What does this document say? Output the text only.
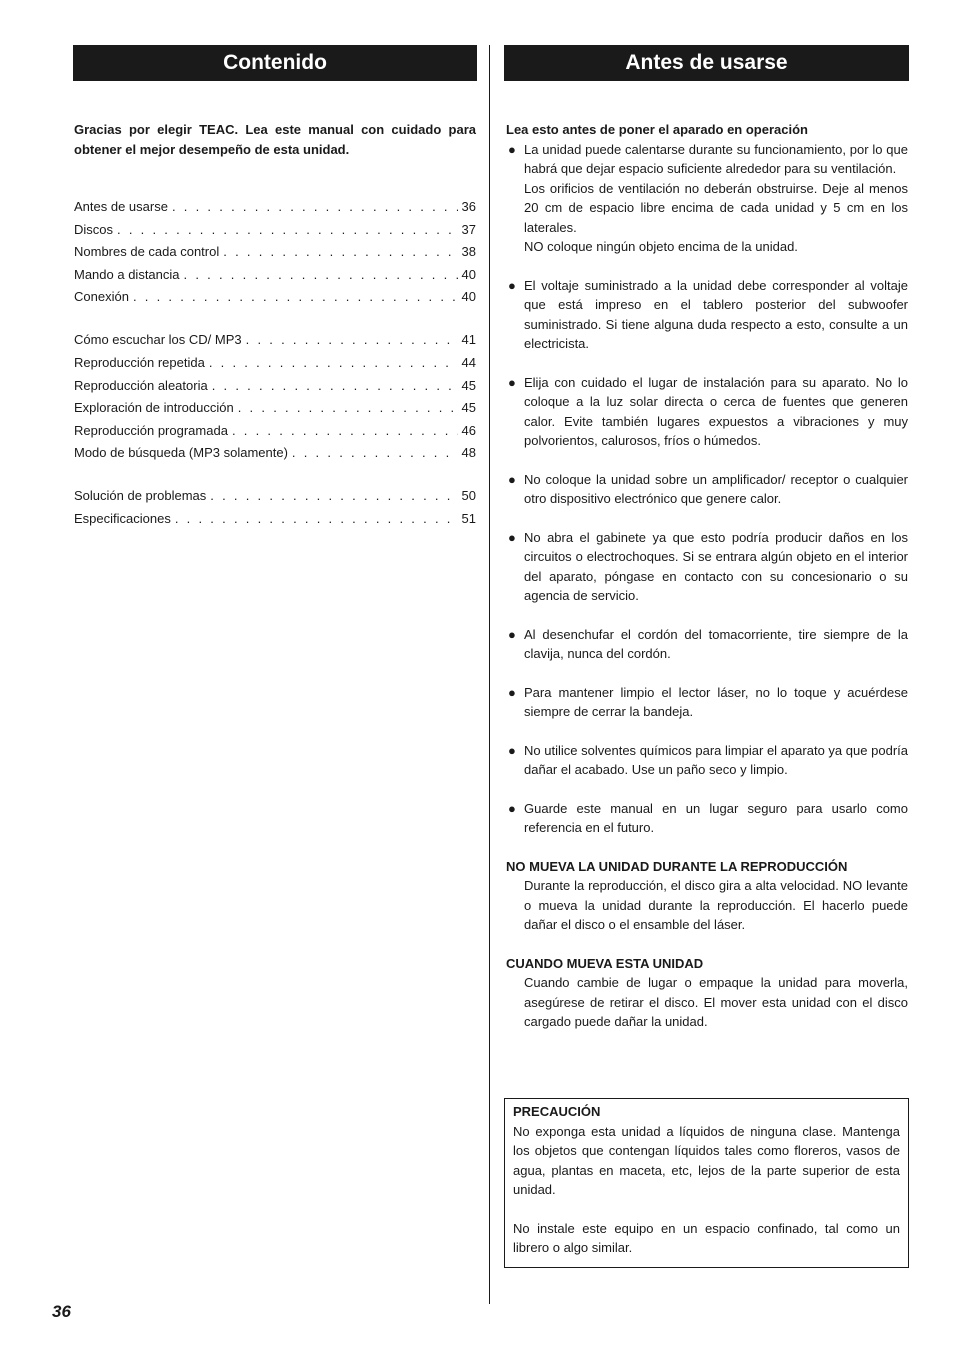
Contenido	Antes de usarse
Gracias por elegir TEAC. Lea este manual con cuidado para obtener el mejor desempeño de esta unidad.
Antes de usarse . . .	36
Discos . . .	37
Nombres de cada control . . .	38
Mando a distancia . . .	40
Conexión . . .	40
Cómo escuchar los CD/ MP3 . . .	41
Reproducción repetida . . .	44
Reproducción aleatoria . . .	45
Exploración de introducción . . .	45
Reproducción programada . . .	46
Modo de búsqueda (MP3 solamente) . . .	48
Solución de problemas . . .	50
Especificaciones . . .	51
Lea esto antes de poner el aparado en operación
● La unidad puede calentarse durante su funcionamiento, por lo que habrá que dejar espacio suficiente alrededor para su ventilación.
Los orificios de ventilación no deberán obstruirse. Deje al menos 20 cm de espacio libre encima de cada unidad y 5 cm en los laterales.
NO coloque ningún objeto encima de la unidad.
● El voltaje suministrado a la unidad debe corresponder al voltaje que está impreso en el tablero posterior del subwoofer suministrado. Si tiene alguna duda respecto a esto, consulte a un electricista.
● Elija con cuidado el lugar de instalación para su aparato. No lo coloque a la luz solar directa o cerca de fuentes que generen calor. Evite también lugares expuestos a vibraciones y muy polvorientos, calurosos, fríos o húmedos.
● No coloque la unidad sobre un amplificador/ receptor o cualquier otro dispositivo electrónico que genere calor.
● No abra el gabinete ya que esto podría producir daños en los circuitos o electrochoques. Si se entrara algún objeto en el interior del aparato, póngase en contacto con su concesionario o su agencia de servicio.
● Al desenchufar el cordón del tomacorriente, tire siempre de la clavija, nunca del cordón.
● Para mantener limpio el lector láser, no lo toque y acuérdese siempre de cerrar la bandeja.
● No utilice solventes químicos para limpiar el aparato ya que podría dañar el acabado. Use un paño seco y limpio.
● Guarde este manual en un lugar seguro para usarlo como referencia en el futuro.
NO MUEVA LA UNIDAD DURANTE LA REPRODUCCIÓN
Durante la reproducción, el disco gira a alta velocidad. NO levante o mueva la unidad durante la reproducción. El hacerlo puede dañar el disco o el ensamble del láser.
CUANDO MUEVA ESTA UNIDAD
Cuando cambie de lugar o empaque la unidad para moverla, asegúrese de retirar el disco. El mover esta unidad con el disco cargado puede dañar la unidad.
PRECAUCIÓN

No exponga esta unidad a líquidos de ninguna clase. Mantenga los objetos que contengan líquidos tales como floreros, vasos de agua, plantas en maceta, etc, lejos de la parte superior de esta unidad.

No instale este equipo en un espacio confinado, tal como un librero o algo similar.

36
